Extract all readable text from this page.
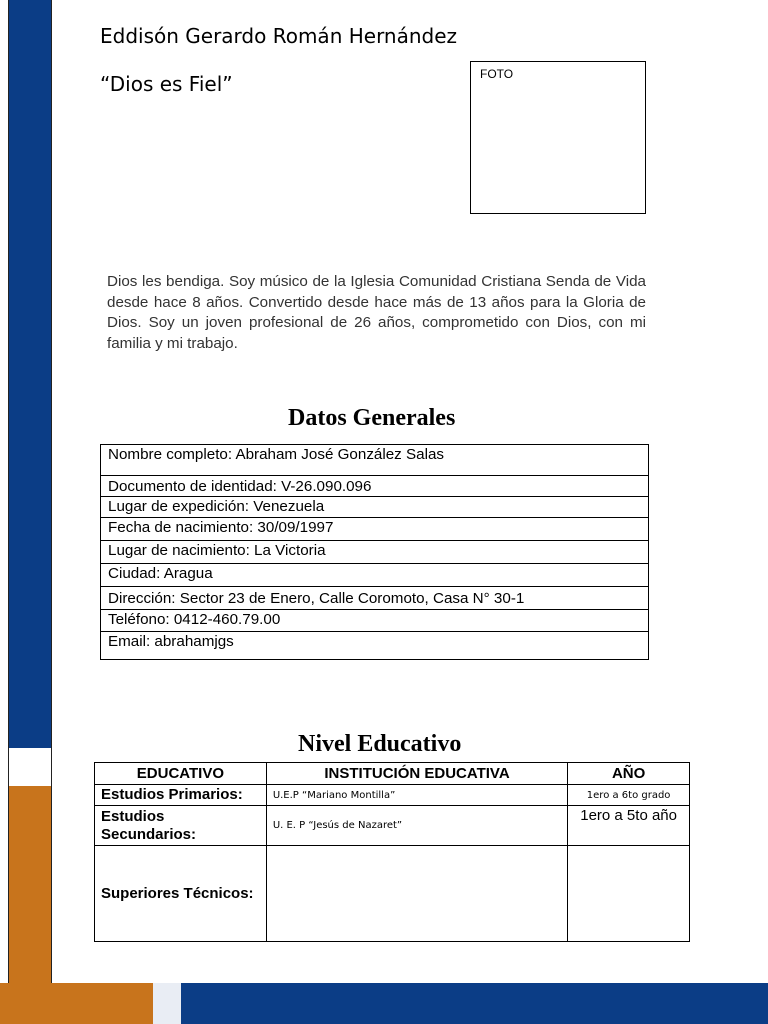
Eddisón Gerardo Román Hernández
“Dios es Fiel”	FOTO
Dios les bendiga. Soy músico de la Iglesia Comunidad Cristiana Senda de Vida desde hace 8 años. Convertido desde hace más de 13 años para la Gloria de Dios. Soy un joven profesional de 26 años, comprometido con Dios, con mi familia y mi trabajo.
Datos Generales
Nombre completo: Abraham José González Salas
Documento de identidad: V-26.090.096
Lugar de expedición: Venezuela
Fecha de nacimiento: 30/09/1997
Lugar de nacimiento: La Victoria
Ciudad: Aragua
Dirección: Sector 23 de Enero, Calle Coromoto, Casa N° 30-1
Teléfono: 0412-460.79.00
Email: abrahamjgs
Nivel Educativo
EDUCATIVO	INSTITUCIÓN EDUCATIVA	AÑO
Estudios Primarios:	U.E.P “Mariano Montilla”	1ero a 6to grado
Estudios Secundarios:	U. E. P “Jesús de Nazaret”	1ero a 5to año
Superiores Técnicos:		
